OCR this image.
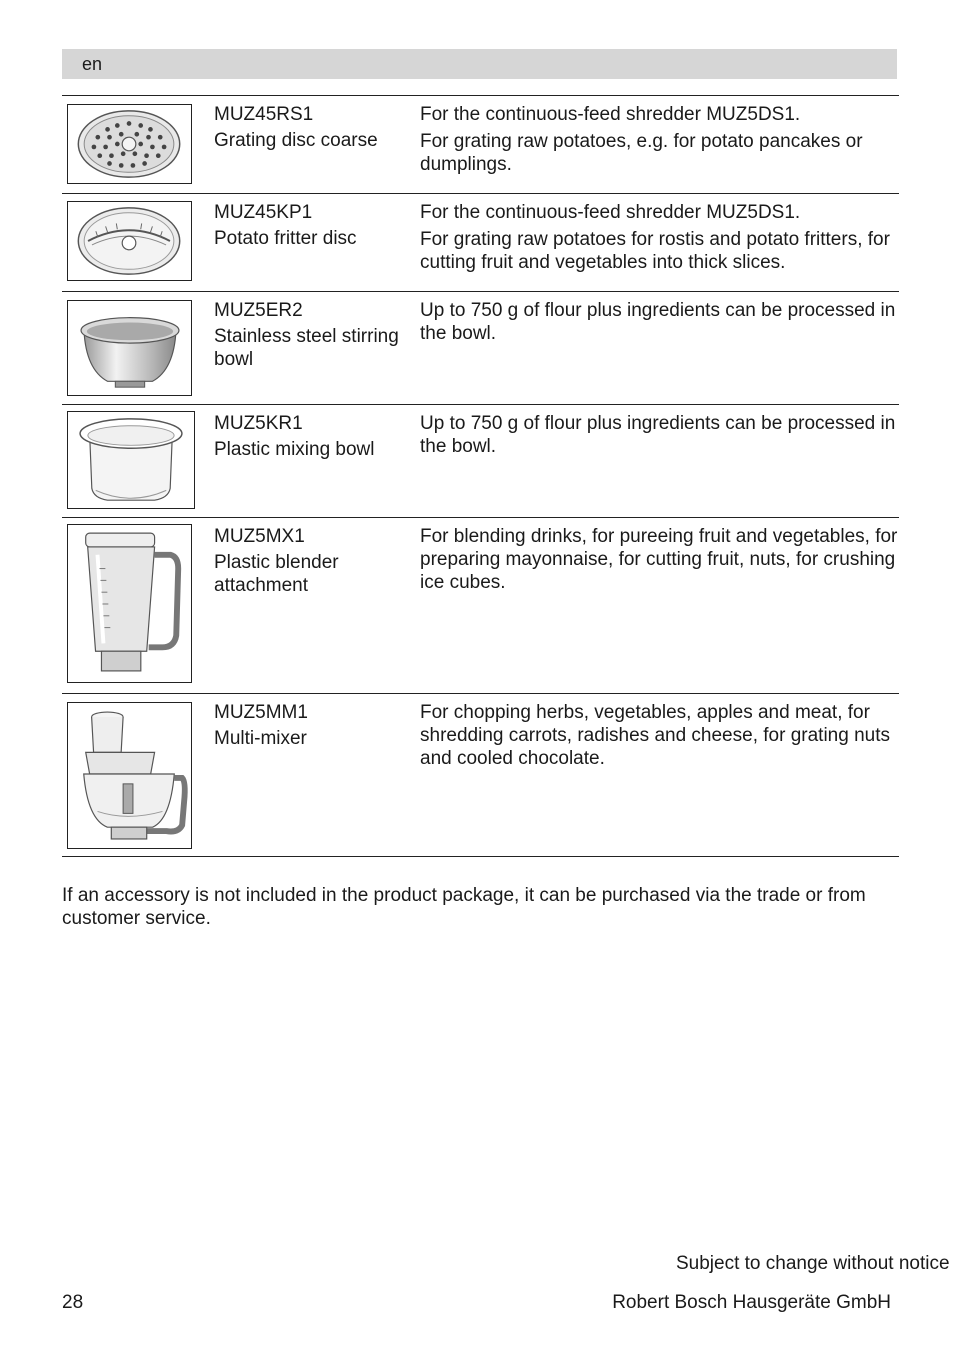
en

MUZ45RS1

Grating disc coarse

For the continuous-feed shredder MUZ5DS1.

For grating raw potatoes, e.g. for potato pancakes or dumplings.

MUZ45KP1

Potato fritter disc

For the continuous-feed shredder MUZ5DS1.

For grating raw potatoes for rostis and potato fritters, for cutting fruit and vegetables into thick slices.

MUZ5ER2

Stainless steel stirring bowl

Up to 750 g of flour plus ingredients can be processed in the bowl.

MUZ5KR1

Plastic mixing bowl

Up to 750 g of flour plus ingredients can be processed in the bowl.

MUZ5MX1

Plastic blender attachment

For blending drinks, for pureeing fruit and vegetables, for preparing mayonnaise, for cutting fruit, nuts, for crushing ice cubes.

MUZ5MM1

Multi-mixer

For chopping herbs, vegetables, apples and meat, for shredding carrots, radishes and cheese, for grating nuts and cooled chocolate.

If an accessory is not included in the product package, it can be purchased via the trade or from customer service.

Subject to change without notice

28	Robert Bosch Hausgeräte GmbH
